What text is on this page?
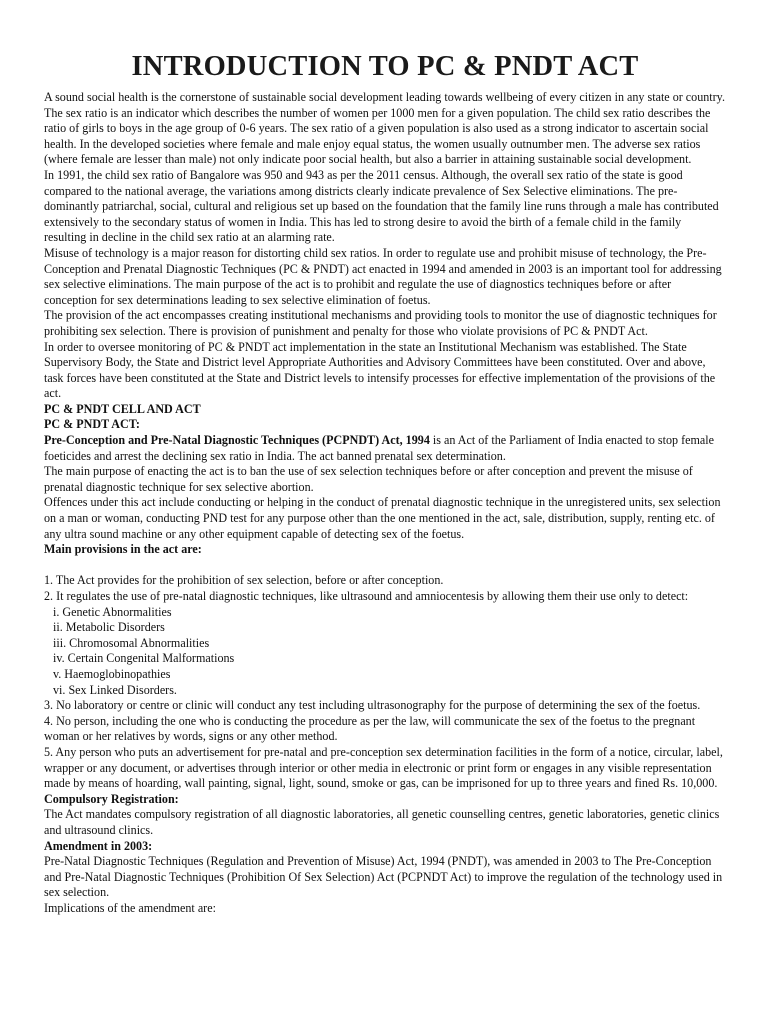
INTRODUCTION TO PC & PNDT ACT

A sound social health is the cornerstone of sustainable social development leading towards wellbeing of every citizen in any state or country. The sex ratio is an indicator which describes the number of women per 1000 men for a given population. The child sex ratio describes the ratio of girls to boys in the age group of 0-6 years. The sex ratio of a given population is also used as a strong indicator to ascertain social health. In the developed societies where female and male enjoy equal status, the women usually outnumber men. The adverse sex ratios (where female are lesser than male) not only indicate poor social health, but also a barrier in attaining sustainable social development.

In 1991, the child sex ratio of Bangalore was 950 and 943 as per the 2011 census. Although, the overall sex ratio of the state is good compared to the national average, the variations among districts clearly indicate prevalence of Sex Selective eliminations. The pre-dominantly patriarchal, social, cultural and religious set up based on the foundation that the family line runs through a male has contributed extensively to the secondary status of women in India. This has led to strong desire to avoid the birth of a female child in the family resulting in decline in the child sex ratio at an alarming rate.

Misuse of technology is a major reason for distorting child sex ratios. In order to regulate use and prohibit misuse of technology, the Pre-Conception and Prenatal Diagnostic Techniques (PC & PNDT) act enacted in 1994 and amended in 2003 is an important tool for addressing sex selective eliminations. The main purpose of the act is to prohibit and regulate the use of diagnostics techniques before or after conception for sex determinations leading to sex selective elimination of foetus.

The provision of the act encompasses creating institutional mechanisms and providing tools to monitor the use of diagnostic techniques for prohibiting sex selection. There is provision of punishment and penalty for those who violate provisions of PC & PNDT Act.

In order to oversee monitoring of PC & PNDT act implementation in the state an Institutional Mechanism was established. The State Supervisory Body, the State and District level Appropriate Authorities and Advisory Committees have been constituted. Over and above, task forces have been constituted at the State and District levels to intensify processes for effective implementation of the provisions of the act.

PC & PNDT CELL AND ACT

PC & PNDT ACT:

Pre-Conception and Pre-Natal Diagnostic Techniques (PCPNDT) Act, 1994 is an Act of the Parliament of India enacted to stop female foeticides and arrest the declining sex ratio in India. The act banned prenatal sex determination.

The main purpose of enacting the act is to ban the use of sex selection techniques before or after conception and prevent the misuse of prenatal diagnostic technique for sex selective abortion.

Offences under this act include conducting or helping in the conduct of prenatal diagnostic technique in the unregistered units, sex selection on a man or woman, conducting PND test for any purpose other than the one mentioned in the act, sale, distribution, supply, renting etc. of any ultra sound machine or any other equipment capable of detecting sex of the foetus.

Main provisions in the act are:

1. The Act provides for the prohibition of sex selection, before or after conception.

2. It regulates the use of pre-natal diagnostic techniques, like ultrasound and amniocentesis by allowing them their use only to detect:

i. Genetic Abnormalities

ii. Metabolic Disorders

iii. Chromosomal Abnormalities

iv. Certain Congenital Malformations

v. Haemoglobinopathies

vi. Sex Linked Disorders.

3. No laboratory or centre or clinic will conduct any test including ultrasonography for the purpose of determining the sex of the foetus.

4. No person, including the one who is conducting the procedure as per the law, will communicate the sex of the foetus to the pregnant woman or her relatives by words, signs or any other method.

5. Any person who puts an advertisement for pre-natal and pre-conception sex determination facilities in the form of a notice, circular, label, wrapper or any document, or advertises through interior or other media in electronic or print form or engages in any visible representation made by means of hoarding, wall painting, signal, light, sound, smoke or gas, can be imprisoned for up to three years and fined Rs. 10,000.

Compulsory Registration:

The Act mandates compulsory registration of all diagnostic laboratories, all genetic counselling centres, genetic laboratories, genetic clinics and ultrasound clinics.

Amendment in 2003:

Pre-Natal Diagnostic Techniques (Regulation and Prevention of Misuse) Act, 1994 (PNDT), was amended in 2003 to The Pre-Conception and Pre-Natal Diagnostic Techniques (Prohibition Of Sex Selection) Act (PCPNDT Act) to improve the regulation of the technology used in sex selection.

Implications of the amendment are:
